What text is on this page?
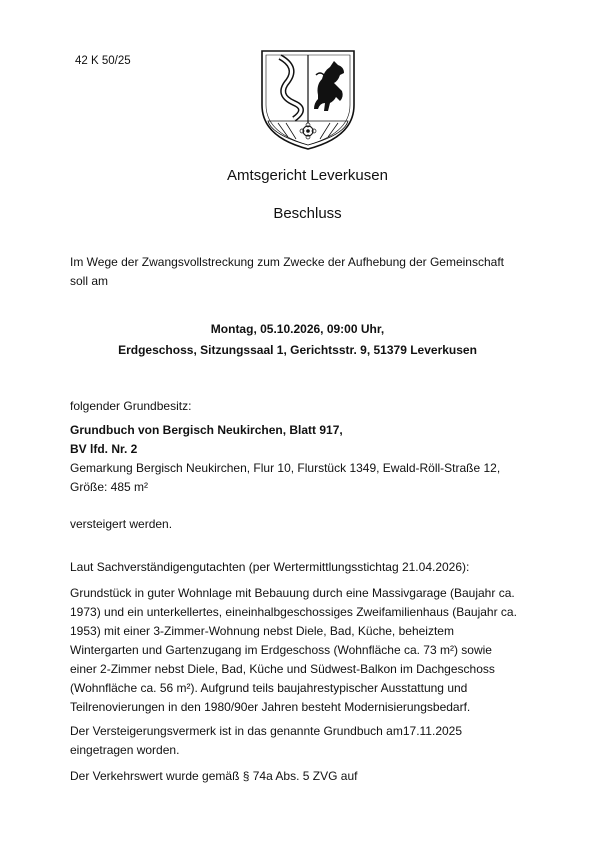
42 K 50/25
Amtsgericht Leverkusen
Beschluss
Im Wege der Zwangsvollstreckung zum Zwecke der Aufhebung der Gemeinschaft
soll am
Montag, 05.10.2026, 09:00 Uhr,
Erdgeschoss, Sitzungssaal 1, Gerichtsstr. 9, 51379 Leverkusen
folgender Grundbesitz:
Grundbuch von Bergisch Neukirchen, Blatt 917,
BV lfd. Nr. 2
Gemarkung Bergisch Neukirchen, Flur 10, Flurstück 1349, Ewald-Röll-Straße 12,
Größe: 485 m²
versteigert werden.
Laut Sachverständigengutachten (per Wertermittlungsstichtag 21.04.2026):
Grundstück in guter Wohnlage mit Bebauung durch eine Massivgarage (Baujahr ca.
1973) und ein unterkellertes, eineinhalbgeschossiges Zweifamilienhaus (Baujahr ca.
1953) mit einer 3-Zimmer-Wohnung nebst Diele, Bad, Küche, beheiztem
Wintergarten und Gartenzugang im Erdgeschoss (Wohnfläche ca. 73 m²) sowie
einer 2-Zimmer nebst Diele, Bad, Küche und Südwest-Balkon im Dachgeschoss
(Wohnfläche ca. 56 m²). Aufgrund teils baujahrestypischer Ausstattung und
Teilrenovierungen in den 1980/90er Jahren besteht Modernisierungsbedarf.
Der Versteigerungsvermerk ist in das genannte Grundbuch am17.11.2025
eingetragen worden.
Der Verkehrswert wurde gemäß § 74a Abs. 5 ZVG auf
